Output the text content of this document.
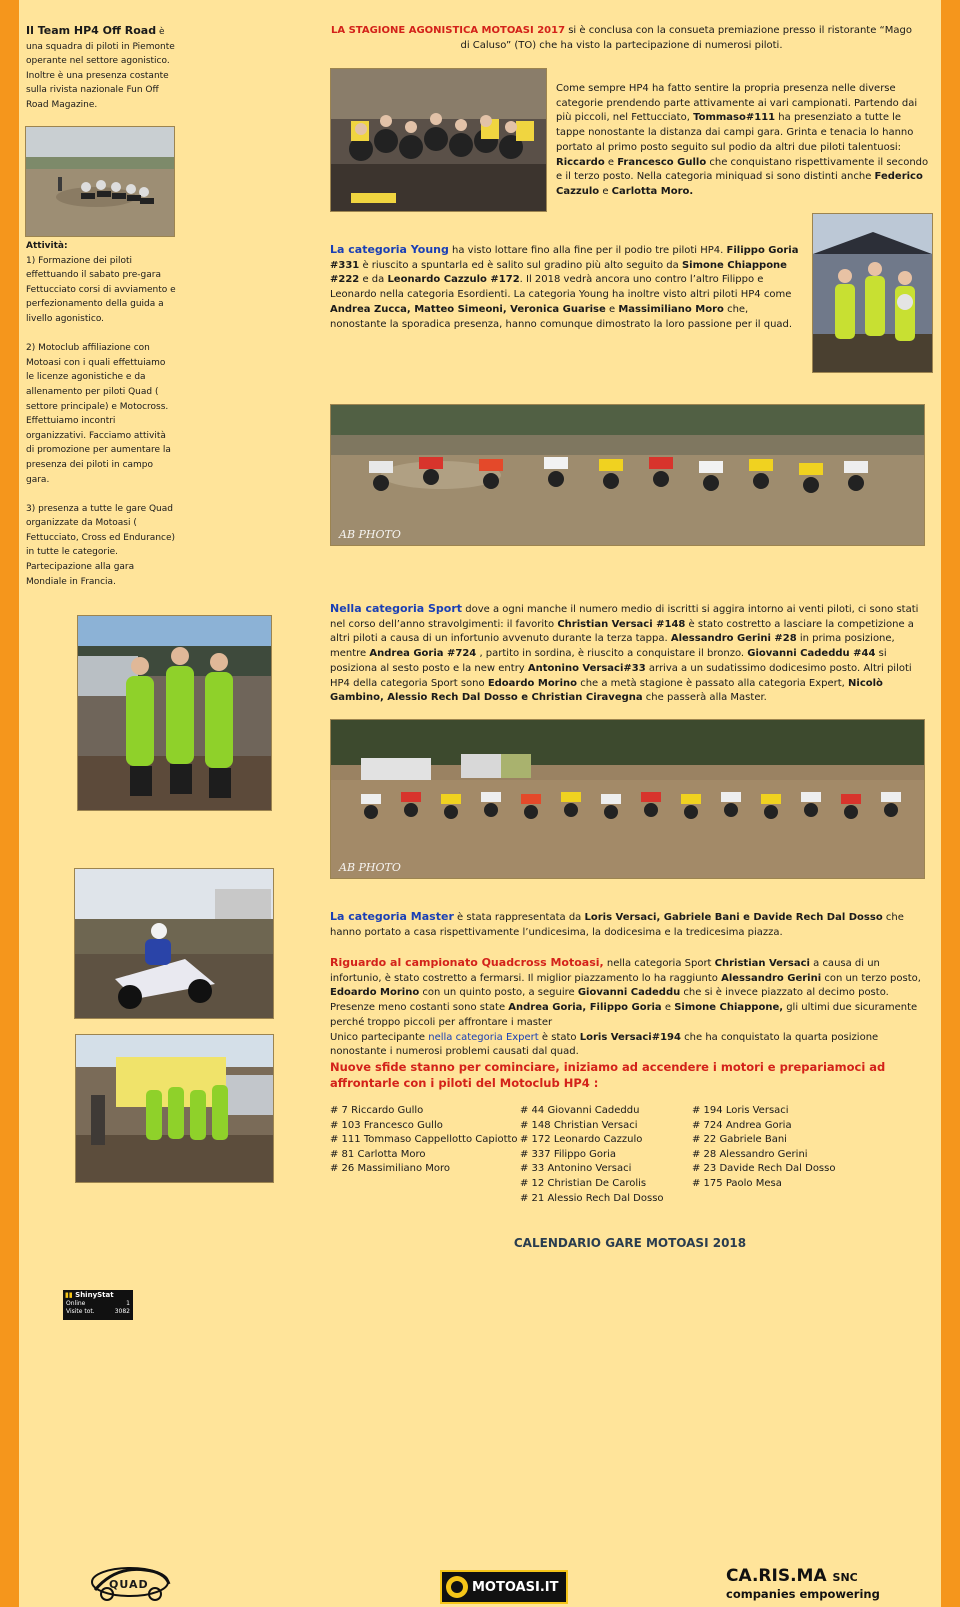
Il Team HP4 Off Road è una squadra di piloti in Piemonte operante nel settore agonistico. Inoltre è una presenza costante sulla rivista nazionale Fun Off Road Magazine.

Attività:

1) Formazione dei piloti effettuando il sabato pre-gara Fettucciato corsi di avviamento e perfezionamento della guida a livello agonistico.

2) Motoclub affiliazione con Motoasi con i quali effettuiamo le licenze agonistiche e da allenamento per piloti Quad ( settore principale) e Motocross. Effettuiamo incontri organizzativi. Facciamo attività di promozione per aumentare la presenza dei piloti in campo gara.

3) presenza a tutte le gare Quad organizzate da Motoasi ( Fettucciato, Cross ed Endurance) in tutte le categorie. Partecipazione alla gara Mondiale in Francia.

▮▮ ShinyStat
Online	1
Visite tot.	3082
LA STAGIONE AGONISTICA MOTOASI 2017 si è conclusa con la consueta premiazione presso il ristorante “Mago di Caluso” (TO) che ha visto la partecipazione di numerosi piloti.
Come sempre HP4 ha fatto sentire la propria presenza nelle diverse categorie prendendo parte attivamente ai vari campionati. Partendo dai più piccoli, nel Fettucciato, Tommaso#111 ha presenziato a tutte le tappe nonostante la distanza dai campi gara. Grinta e tenacia lo hanno portato al primo posto seguito sul podio da altri due piloti talentuosi: Riccardo e Francesco Gullo che conquistano rispettivamente il secondo e il terzo posto. Nella categoria miniquad si sono distinti anche Federico Cazzulo e Carlotta Moro.
La categoria Young ha visto lottare fino alla fine per il podio tre piloti HP4. Filippo Goria #331 è riuscito a spuntarla ed è salito sul gradino più alto seguito da Simone Chiappone #222 e da Leonardo Cazzulo #172. Il 2018 vedrà ancora uno contro l’altro Filippo e Leonardo nella categoria Esordienti. La categoria Young ha inoltre visto altri piloti HP4 come Andrea Zucca, Matteo Simeoni, Veronica Guarise e Massimiliano Moro che, nonostante la sporadica presenza, hanno comunque dimostrato la loro passione per il quad.
AB PHOTO
Nella categoria Sport dove a ogni manche il numero medio di iscritti si aggira intorno ai venti piloti, ci sono stati nel corso dell’anno stravolgimenti: il favorito Christian Versaci #148 è stato costretto a lasciare la competizione a altri piloti a causa di un infortunio avvenuto durante la terza tappa. Alessandro Gerini #28 in prima posizione, mentre Andrea Goria #724 , partito in sordina, è riuscito a conquistare il bronzo. Giovanni Cadeddu #44 si posiziona al sesto posto e la new entry Antonino Versaci#33 arriva a un sudatissimo dodicesimo posto. Altri piloti HP4 della categoria Sport sono Edoardo Morino che a metà stagione è passato alla categoria Expert, Nicolò Gambino, Alessio Rech Dal Dosso e Christian Ciravegna che passerà alla Master.
AB PHOTO
La categoria Master è stata rappresentata da Loris Versaci, Gabriele Bani e Davide Rech Dal Dosso che hanno portato a casa rispettivamente l’undicesima, la dodicesima e la tredicesima piazza.
Riguardo al campionato Quadcross Motoasi, nella categoria Sport Christian Versaci a causa di un infortunio, è stato costretto a fermarsi. Il miglior piazzamento lo ha raggiunto Alessandro Gerini con un terzo posto, Edoardo Morino con un quinto posto, a seguire Giovanni Cadeddu che si è invece piazzato al decimo posto. Presenze meno costanti sono state Andrea Goria, Filippo Goria e Simone Chiappone, gli ultimi due sicuramente perché troppo piccoli per affrontare i master
Unico partecipante nella categoria Expert è stato Loris Versaci#194 che ha conquistato la quarta posizione nonostante i numerosi problemi causati dal quad.
Nuove sfide stanno per cominciare, iniziamo ad accendere i motori e prepariamoci ad affrontarle con i piloti del Motoclub HP4 :
# 7 Riccardo Gullo
# 103 Francesco Gullo
# 111 Tommaso Cappellotto Capiotto
# 81 Carlotta Moro
# 26 Massimiliano Moro
# 44 Giovanni Cadeddu
# 148 Christian Versaci
# 172 Leonardo Cazzulo
# 337 Filippo Goria
# 33 Antonino Versaci
# 12 Christian De Carolis
# 21 Alessio Rech Dal Dosso
# 194 Loris Versaci
# 724 Andrea Goria
# 22 Gabriele Bani
# 28 Alessandro Gerini
# 23 Davide Rech Dal Dosso
# 175 Paolo Mesa
CALENDARIO GARE MOTOASI 2018
QUAD	MOTOASI.IT
CA.RIS.MA SNC
companies empowering
